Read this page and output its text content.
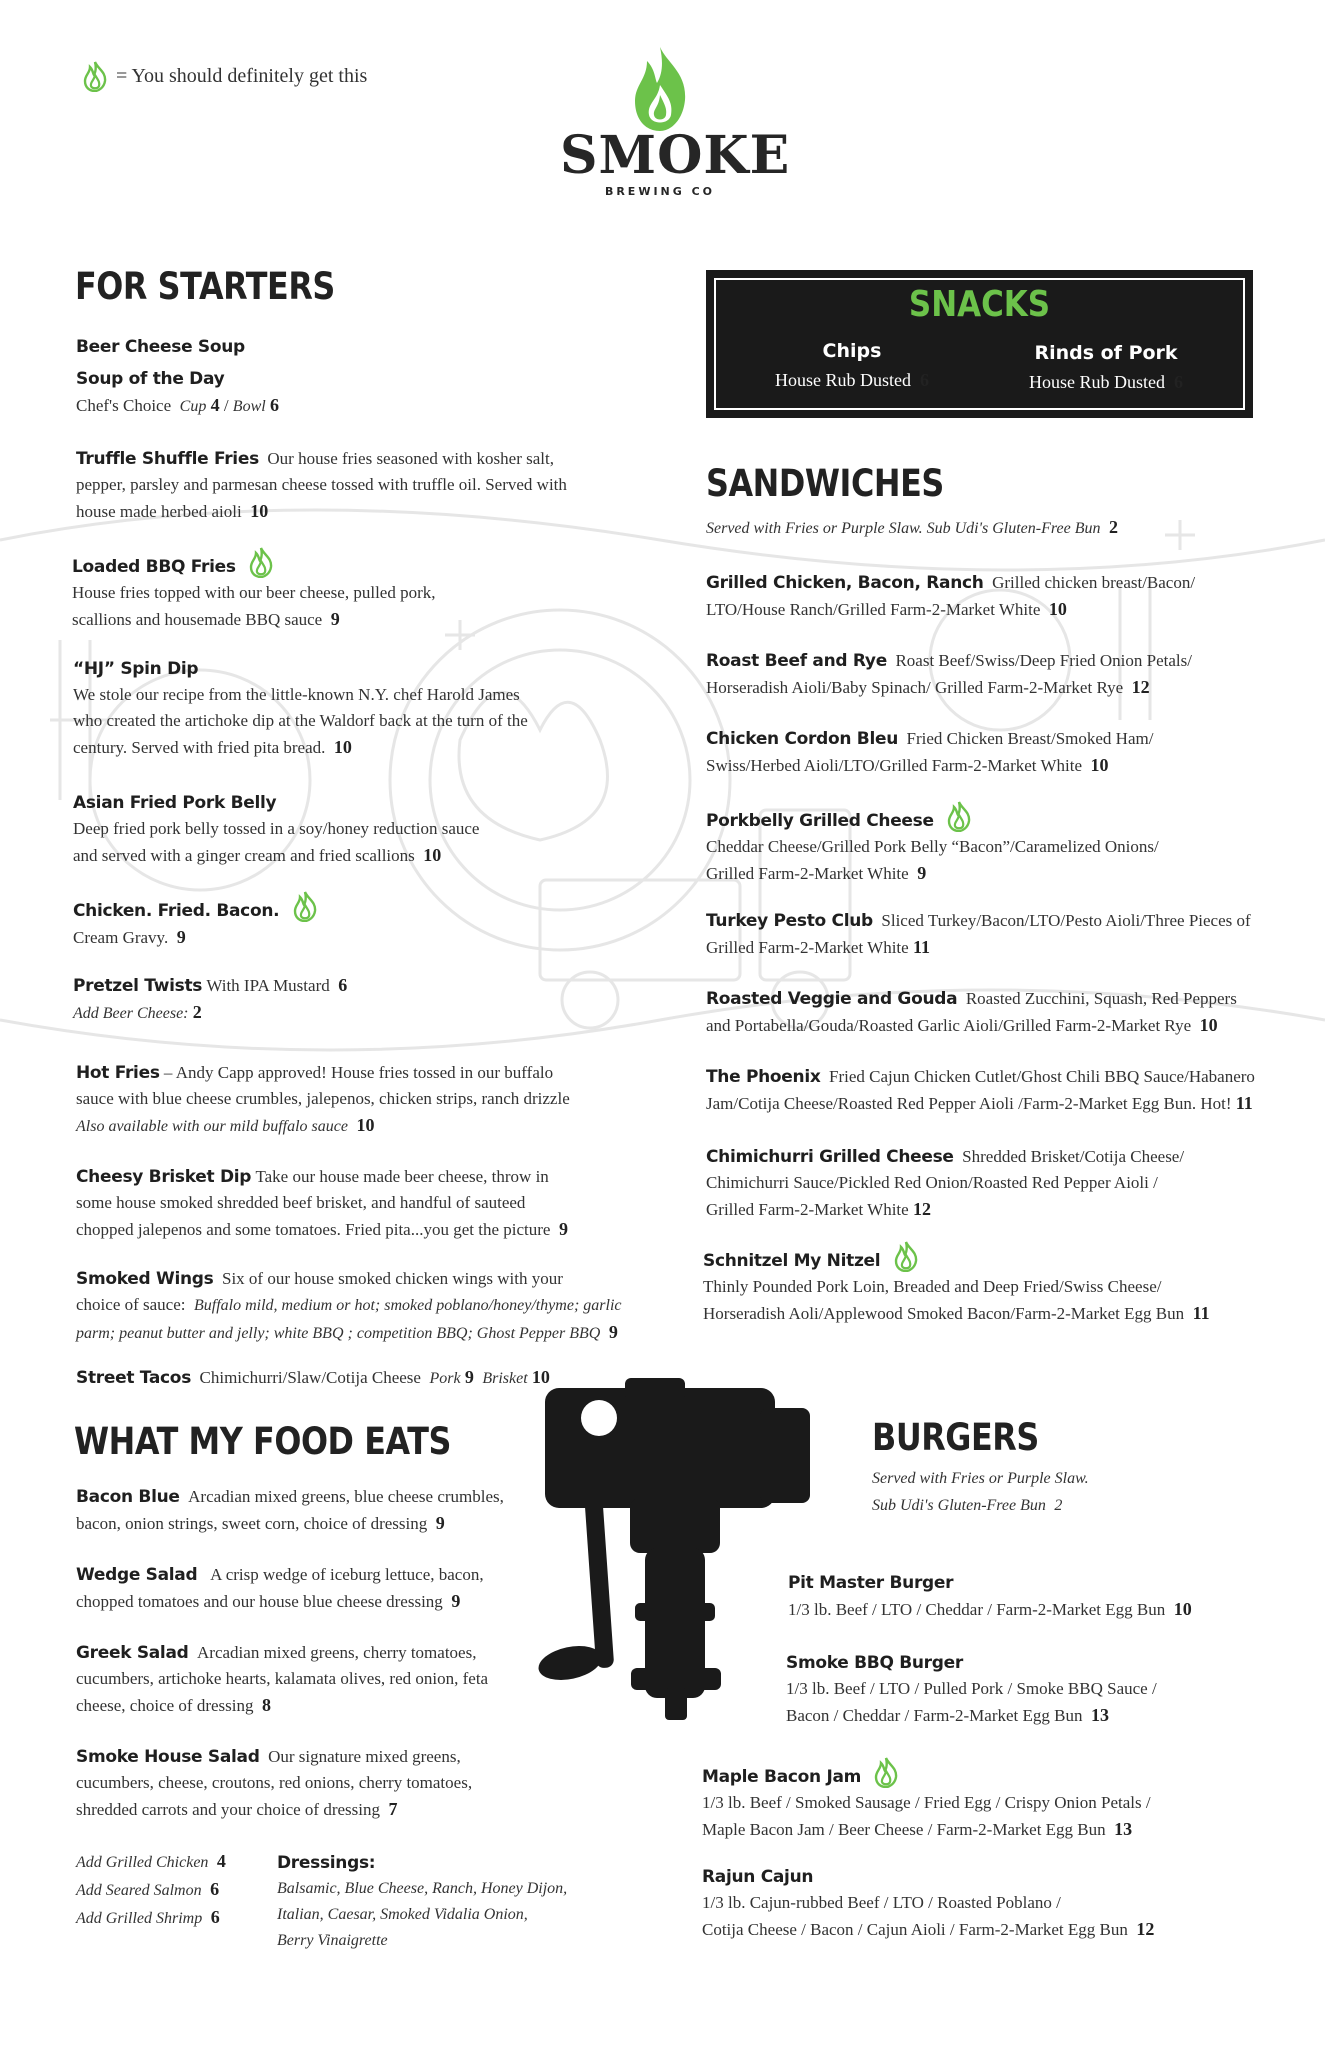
= You should definitely get this
SMOKE
BREWING CO
FOR STARTERS
Beer Cheese Soup
Soup of the Day
Chef's Choice Cup 4 / Bowl 6
Truffle Shuffle Fries Our house fries seasoned with kosher salt,
pepper, parsley and parmesan cheese tossed with truffle oil. Served with
house made herbed aioli 10
Loaded BBQ Fries
House fries topped with our beer cheese, pulled pork,
scallions and housemade BBQ sauce 9
“HJ” Spin Dip
We stole our recipe from the little-known N.Y. chef Harold James
who created the artichoke dip at the Waldorf back at the turn of the
century. Served with fried pita bread. 10
Asian Fried Pork Belly
Deep fried pork belly tossed in a soy/honey reduction sauce
and served with a ginger cream and fried scallions 10
Chicken. Fried. Bacon.
Cream Gravy. 9
Pretzel Twists With IPA Mustard 6
Add Beer Cheese: 2
Hot Fries – Andy Capp approved! House fries tossed in our buffalo
sauce with blue cheese crumbles, jalepenos, chicken strips, ranch drizzle
Also available with our mild buffalo sauce 10
Cheesy Brisket Dip Take our house made beer cheese, throw in
some house smoked shredded beef brisket, and handful of sauteed
chopped jalepenos and some tomatoes. Fried pita...you get the picture 9
Smoked Wings Six of our house smoked chicken wings with your
choice of sauce: Buffalo mild, medium or hot; smoked poblano/honey/thyme; garlic
parm; peanut butter and jelly; white BBQ ; competition BBQ; Ghost Pepper BBQ 9
Street Tacos Chimichurri/Slaw/Cotija Cheese Pork 9 Brisket 10
WHAT MY FOOD EATS
Bacon Blue Arcadian mixed greens, blue cheese crumbles,
bacon, onion strings, sweet corn, choice of dressing 9
Wedge Salad A crisp wedge of iceburg lettuce, bacon,
chopped tomatoes and our house blue cheese dressing 9
Greek Salad Arcadian mixed greens, cherry tomatoes,
cucumbers, artichoke hearts, kalamata olives, red onion, feta
cheese, choice of dressing 8
Smoke House Salad Our signature mixed greens,
cucumbers, cheese, croutons, red onions, cherry tomatoes,
shredded carrots and your choice of dressing 7
Add Grilled Chicken 4
Add Seared Salmon 6
Add Grilled Shrimp 6
Dressings:
Balsamic, Blue Cheese, Ranch, Honey Dijon,
Italian, Caesar, Smoked Vidalia Onion,
Berry Vinaigrette
SNACKS
Chips
House Rub Dusted 6
Rinds of Pork
House Rub Dusted 6
SANDWICHES
Served with Fries or Purple Slaw. Sub Udi's Gluten-Free Bun 2
Grilled Chicken, Bacon, Ranch Grilled chicken breast/Bacon/
LTO/House Ranch/Grilled Farm-2-Market White 10
Roast Beef and Rye Roast Beef/Swiss/Deep Fried Onion Petals/
Horseradish Aioli/Baby Spinach/ Grilled Farm-2-Market Rye 12
Chicken Cordon Bleu Fried Chicken Breast/Smoked Ham/
Swiss/Herbed Aioli/LTO/Grilled Farm-2-Market White 10
Porkbelly Grilled Cheese
Cheddar Cheese/Grilled Pork Belly “Bacon”/Caramelized Onions/
Grilled Farm-2-Market White 9
Turkey Pesto Club Sliced Turkey/Bacon/LTO/Pesto Aioli/Three Pieces of
Grilled Farm-2-Market White 11
Roasted Veggie and Gouda Roasted Zucchini, Squash, Red Peppers
and Portabella/Gouda/Roasted Garlic Aioli/Grilled Farm-2-Market Rye 10
The Phoenix Fried Cajun Chicken Cutlet/Ghost Chili BBQ Sauce/Habanero
Jam/Cotija Cheese/Roasted Red Pepper Aioli /Farm-2-Market Egg Bun. Hot! 11
Chimichurri Grilled Cheese Shredded Brisket/Cotija Cheese/
Chimichurri Sauce/Pickled Red Onion/Roasted Red Pepper Aioli /
Grilled Farm-2-Market White 12
Schnitzel My Nitzel
Thinly Pounded Pork Loin, Breaded and Deep Fried/Swiss Cheese/
Horseradish Aoli/Applewood Smoked Bacon/Farm-2-Market Egg Bun 11
BURGERS
Served with Fries or Purple Slaw.
Sub Udi's Gluten-Free Bun 2
Pit Master Burger
1/3 lb. Beef / LTO / Cheddar / Farm-2-Market Egg Bun 10
Smoke BBQ Burger
1/3 lb. Beef / LTO / Pulled Pork / Smoke BBQ Sauce /
Bacon / Cheddar / Farm-2-Market Egg Bun 13
Maple Bacon Jam
1/3 lb. Beef / Smoked Sausage / Fried Egg / Crispy Onion Petals /
Maple Bacon Jam / Beer Cheese / Farm-2-Market Egg Bun 13
Rajun Cajun
1/3 lb. Cajun-rubbed Beef / LTO / Roasted Poblano /
Cotija Cheese / Bacon / Cajun Aioli / Farm-2-Market Egg Bun 12
